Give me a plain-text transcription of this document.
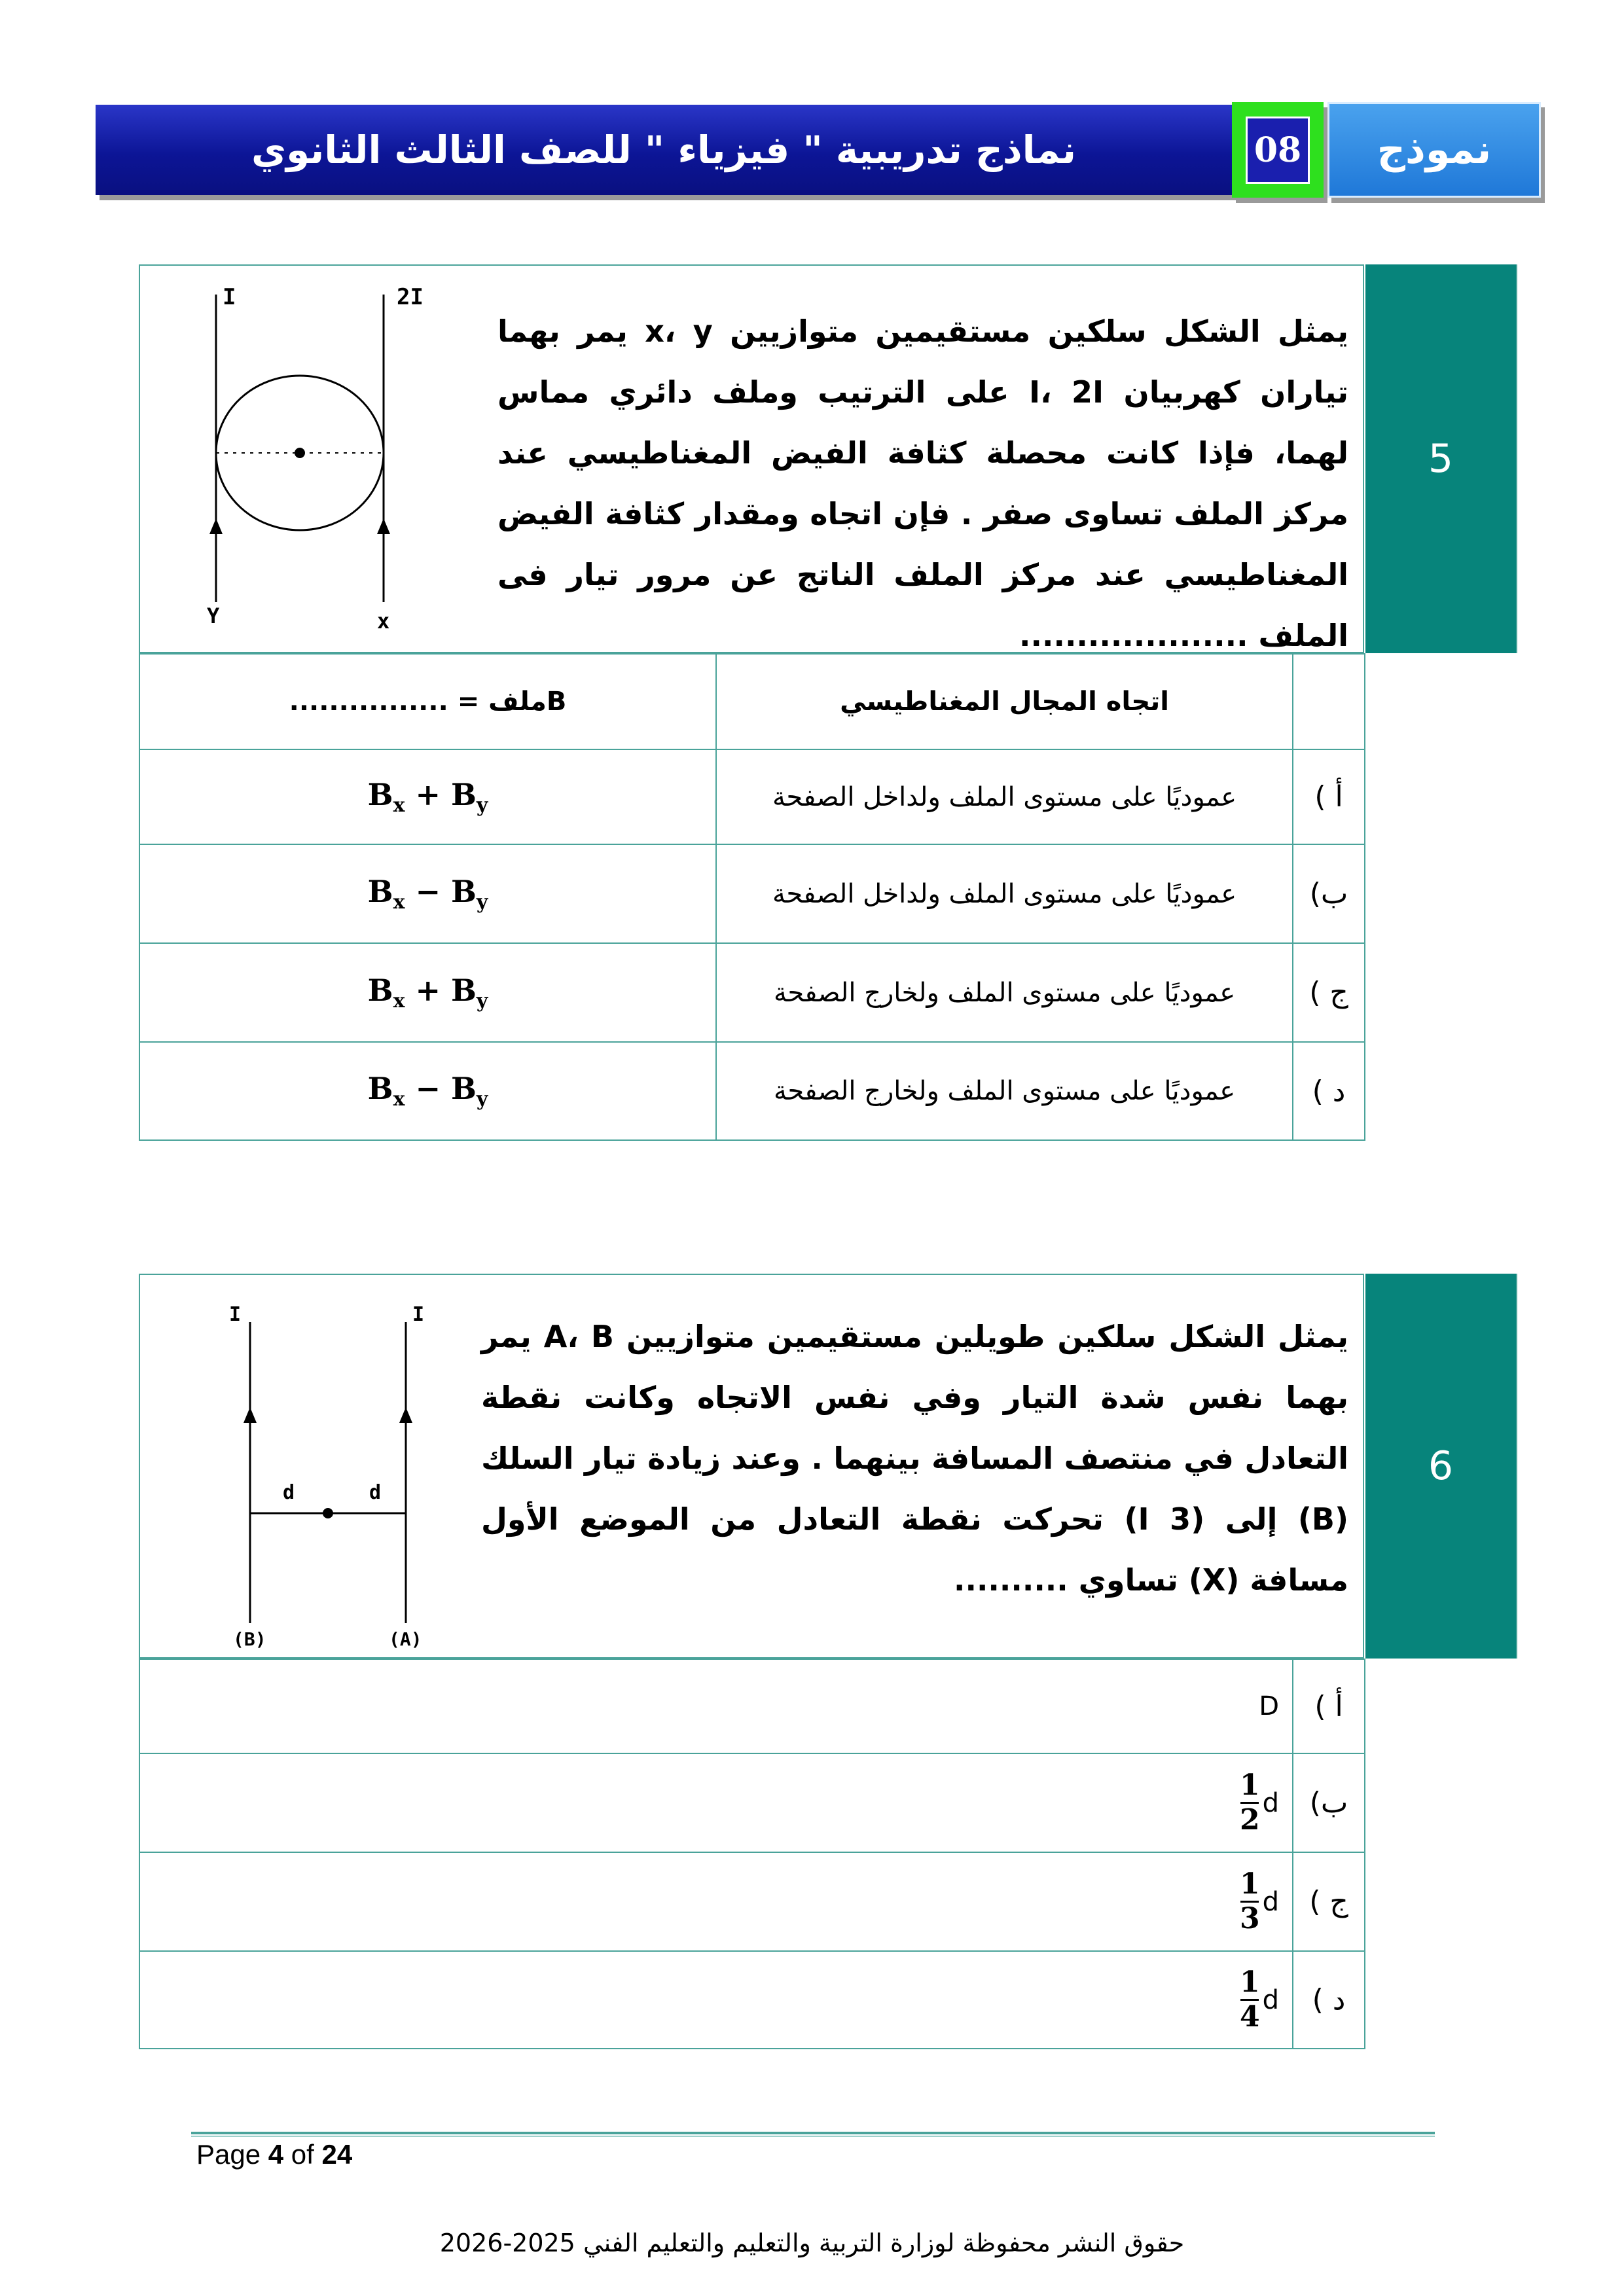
نماذج تدريبية " فيزياء " للصف الثالث الثانوي	08 نموذج
5
يمثل الشكل سلكين مستقيمين متوازيين x، y يمر بهما تياران كهربيان I، 2I على الترتيب وملف دائري مماس لهما، فإذا كانت محصلة كثافة الفيض المغناطيسي عند مركز الملف تساوى صفر . فإن اتجاه ومقدار كثافة الفيض المغناطيسي عند مركز الملف الناتج عن مرور تيار فى الملف ....................
I	2I
Y	x
Bملف = ................	اتجاه المجال المغناطيسي	
$B_x + B_y$	عموديًا على مستوى الملف ولداخل الصفحة	أ )
$B_x - B_y$	عموديًا على مستوى الملف ولداخل الصفحة	ب)
$B_x + B_y$	عموديًا على مستوى الملف ولخارج الصفحة	ج )
$B_x - B_y$	عموديًا على مستوى الملف ولخارج الصفحة	د )
6
يمثل الشكل سلكين طويلين مستقيمين متوازيين A، B يمر بهما نفس شدة التيار وفي نفس الاتجاه وكانت نقطة التعادل في منتصف المسافة بينهما . وعند زيادة تيار السلك (B) إلى (3 I) تحركت نقطة التعادل من الموضع الأول مسافة (X) تساوي ..........
I	I
d	d
(B)	(A)
D	أ )

$\frac{1}{2}$ d	ب)

$\frac{1}{3}$ d	ج )

$\frac{1}{4}$ d	د )
Page 4 of 24
حقوق النشر محفوظة لوزارة التربية والتعليم والتعليم الفني 2025-2026
